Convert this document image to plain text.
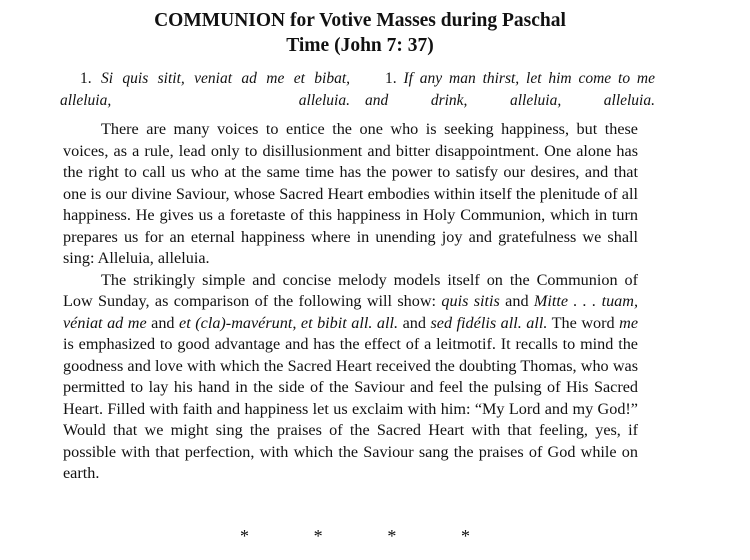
COMMUNION for Votive Masses during Paschal
Time (John 7: 37)

1. Si quis sitit, veniat ad me et bibat, alleluia, alleluia.

1. If any man thirst, let him come to me and drink, alleluia, alleluia.

There are many voices to entice the one who is seeking happiness, but these voices, as a rule, lead only to disillusionment and bitter disappointment. One alone has the right to call us who at the same time has the power to satisfy our desires, and that one is our divine Saviour, whose Sacred Heart embodies within itself the plenitude of all happiness. He gives us a foretaste of this happiness in Holy Communion, which in turn prepares us for an eternal happiness where in unending joy and gratefulness we shall sing: Alleluia, alleluia.

The strikingly simple and concise melody models itself on the Communion of Low Sunday, as comparison of the following will show: quis sitis and Mitte . . . tuam, véniat ad me and et (cla)-mavérunt, et bibit all. all. and sed fidélis all. all. The word me is emphasized to good advantage and has the effect of a leitmotif. It recalls to mind the goodness and love with which the Sacred Heart received the doubting Thomas, who was permitted to lay his hand in the side of the Saviour and feel the pulsing of His Sacred Heart. Filled with faith and happiness let us exclaim with him: “My Lord and my God!” Would that we might sing the praises of the Sacred Heart with that feeling, yes, if possible with that perfection, with which the Saviour sang the praises of God while on earth.

*	*	*	*
